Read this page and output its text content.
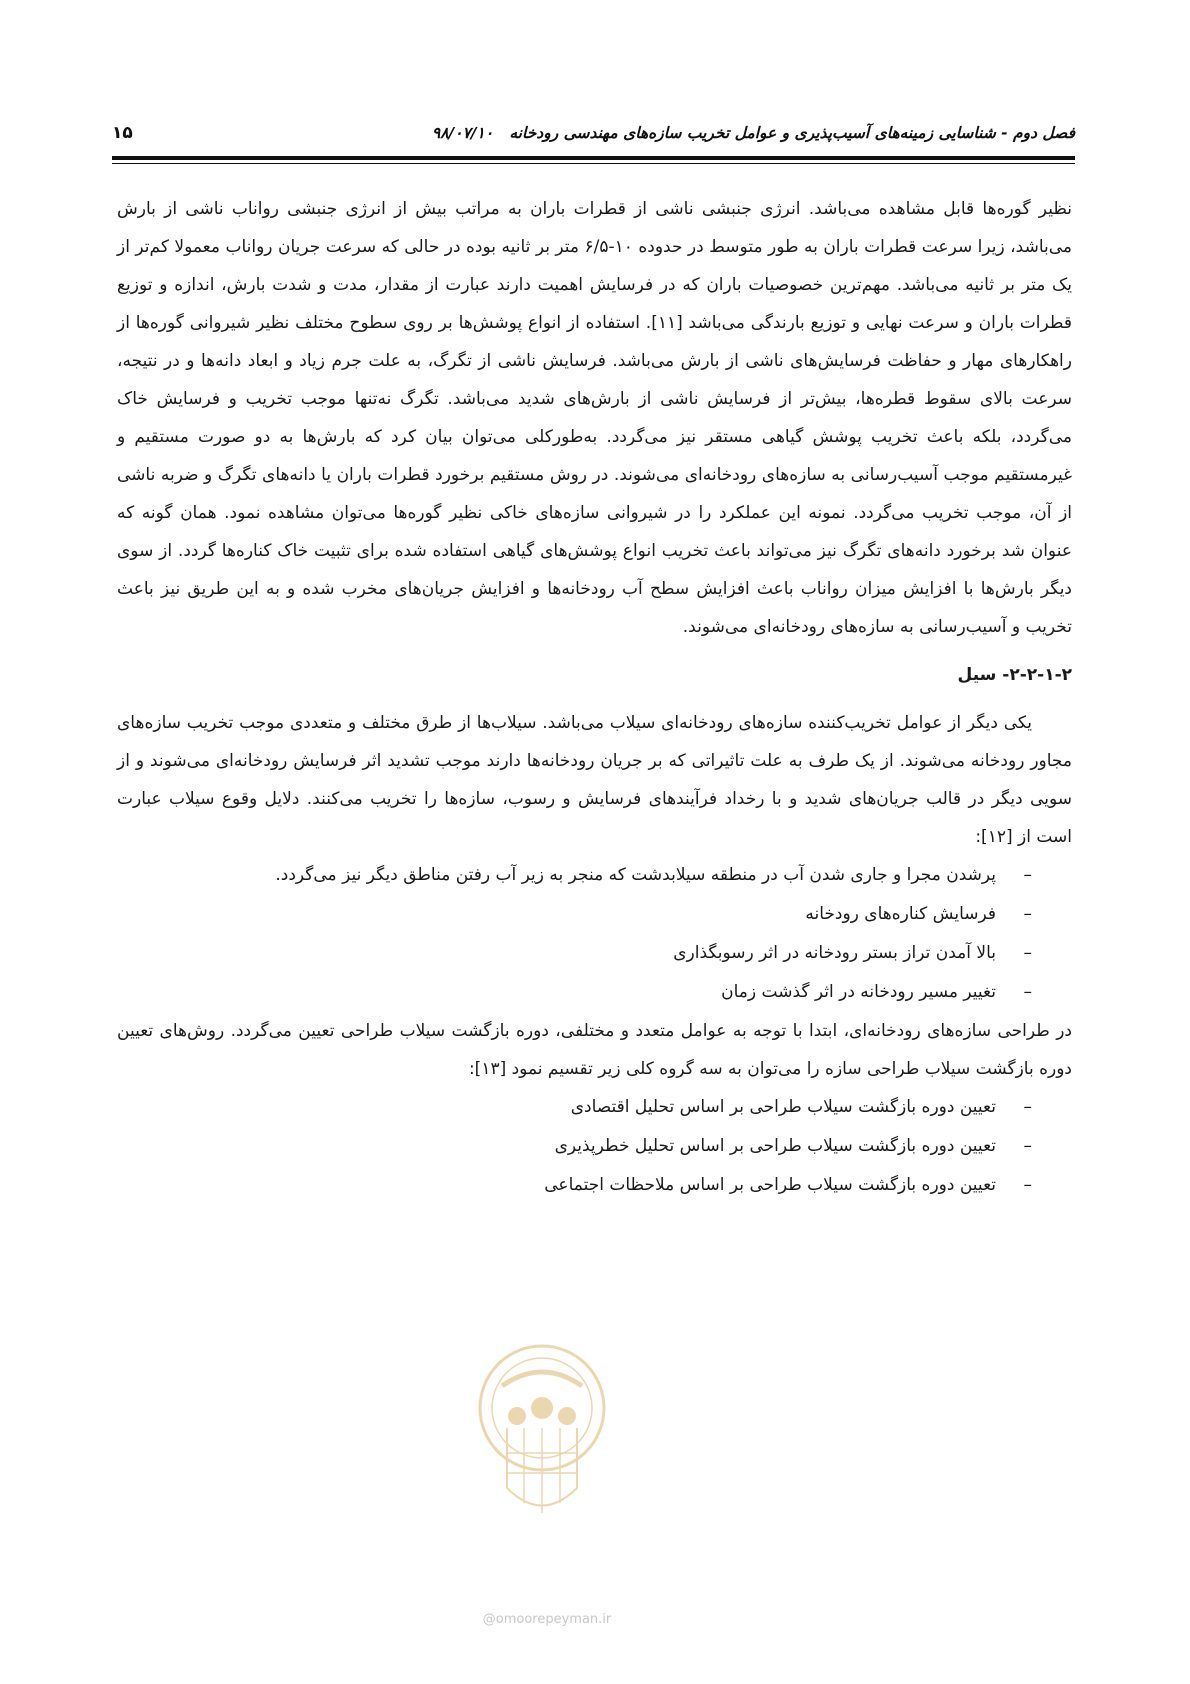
فصل دوم - شناسایی زمینه‌های آسیب‌پذیری و عوامل تخریب سازه‌های مهندسی رودخانه   ۹۸/۰۷/۱۰
۱۵

نظیر گوره‌ها قابل مشاهده می‌باشد. انرژی جنبشی ناشی از قطرات باران به مراتب بیش از انرژی جنبشی رواناب ناشی از بارش می‌باشد، زیرا سرعت قطرات باران به طور متوسط در حدوده ۱۰-۶/۵ متر بر ثانیه بوده در حالی که سرعت جریان رواناب معمولا کم‌تر از یک متر بر ثانیه می‌باشد. مهم‌ترین خصوصیات باران که در فرسایش اهمیت دارند عبارت از مقدار، مدت و شدت بارش، اندازه و توزیع قطرات باران و سرعت نهایی و توزیع بارندگی می‌باشد [۱۱]. استفاده از انواع پوشش‌ها بر روی سطوح مختلف نظیر شیروانی گوره‌ها از راهکارهای مهار و حفاظت فرسایش‌های ناشی از بارش می‌باشد. فرسایش ناشی از تگرگ، به علت جرم زیاد و ابعاد دانه‌ها و در نتیجه، سرعت بالای سقوط قطره‌ها، بیش‌تر از فرسایش ناشی از بارش‌های شدید می‌باشد. تگرگ نه‌تنها موجب تخریب و فرسایش خاک می‌گردد، بلکه باعث تخریب پوشش گیاهی مستقر نیز می‌گردد. به‌طورکلی می‌توان بیان کرد که بارش‌ها به دو صورت مستقیم و غیرمستقیم موجب آسیب‌رسانی به سازه‌های رودخانه‌ای می‌شوند. در روش مستقیم برخورد قطرات باران یا دانه‌های تگرگ و ضربه ناشی از آن، موجب تخریب می‌گردد. نمونه این عملکرد را در شیروانی سازه‌های خاکی نظیر گوره‌ها می‌توان مشاهده نمود. همان گونه که عنوان شد برخورد دانه‌های تگرگ نیز می‌تواند باعث تخریب انواع پوشش‌های گیاهی استفاده شده برای تثبیت خاک کناره‌ها گردد. از سوی دیگر بارش‌ها با افزایش میزان رواناب باعث افزایش سطح آب رودخانه‌ها و افزایش جریان‌های مخرب شده و به این طریق نیز باعث تخریب و آسیب‌رسانی به سازه‌های رودخانه‌ای می‌شوند.

۲-۲-۱-۲- سیل

یکی دیگر از عوامل تخریب‌کننده سازه‌های رودخانه‌ای سیلاب می‌باشد. سیلاب‌ها از طرق مختلف و متعددی موجب تخریب سازه‌های مجاور رودخانه می‌شوند. از یک طرف به علت تاثیراتی که بر جریان رودخانه‌ها دارند موجب تشدید اثر فرسایش رودخانه‌ای می‌شوند و از سویی دیگر در قالب جریان‌های شدید و با رخداد فرآیندهای فرسایش و رسوب، سازه‌ها را تخریب می‌کنند. دلایل وقوع سیلاب عبارت است از [۱۲]:

–پرشدن مجرا و جاری شدن آب در منطقه سیلابدشت که منجر به زیر آب رفتن مناطق دیگر نیز می‌گردد.
–فرسایش کناره‌های رودخانه
–بالا آمدن تراز بستر رودخانه در اثر رسوبگذاری
–تغییر مسیر رودخانه در اثر گذشت زمان

در طراحی سازه‌های رودخانه‌ای، ابتدا با توجه به عوامل متعدد و مختلفی، دوره بازگشت سیلاب طراحی تعیین می‌گردد. روش‌های تعیین دوره بازگشت سیلاب طراحی سازه را می‌توان به سه گروه کلی زیر تقسیم نمود [۱۳]:

–تعیین دوره بازگشت سیلاب طراحی بر اساس تحلیل اقتصادی
–تعیین دوره بازگشت سیلاب طراحی بر اساس تحلیل خطرپذیری
–تعیین دوره بازگشت سیلاب طراحی بر اساس ملاحظات اجتماعی
@omoorepeyman.ir
